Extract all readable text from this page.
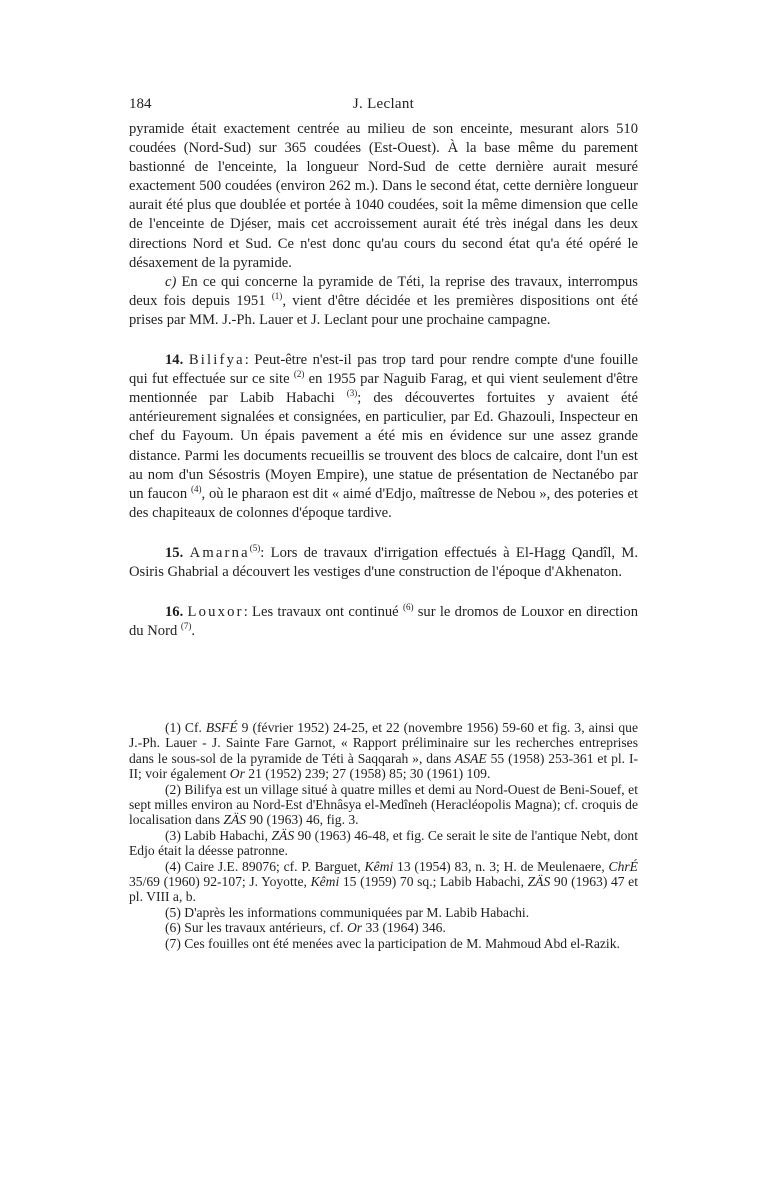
184	J. Leclant

pyramide était exactement centrée au milieu de son enceinte, mesurant alors 510 coudées (Nord-Sud) sur 365 coudées (Est-Ouest). À la base même du parement bastionné de l'enceinte, la longueur Nord-Sud de cette dernière aurait mesuré exactement 500 coudées (environ 262 m.). Dans le second état, cette dernière longueur aurait été plus que doublée et portée à 1040 coudées, soit la même dimension que celle de l'enceinte de Djéser, mais cet accroissement aurait été très inégal dans les deux directions Nord et Sud. Ce n'est donc qu'au cours du second état qu'a été opéré le désaxement de la pyramide.

c) En ce qui concerne la pyramide de Téti, la reprise des travaux, interrompus deux fois depuis 1951 $^{(1)}$, vient d'être décidée et les premières dispositions ont été prises par MM. J.-Ph. Lauer et J. Leclant pour une prochaine campagne.

14. Bilifya: Peut-être n'est-il pas trop tard pour rendre compte d'une fouille qui fut effectuée sur ce site $^{(2)}$ en 1955 par Naguib Farag, et qui vient seulement d'être mentionnée par Labib Habachi $^{(3)}$; des découvertes fortuites y avaient été antérieurement signalées et consignées, en particulier, par Ed. Ghazouli, Inspecteur en chef du Fayoum. Un épais pavement a été mis en évidence sur une assez grande distance. Parmi les documents recueillis se trouvent des blocs de calcaire, dont l'un est au nom d'un Sésostris (Moyen Empire), une statue de présentation de Nectanébo par un faucon $^{(4)}$, où le pharaon est dit « aimé d'Edjo, maîtresse de Nebou », des poteries et des chapiteaux de colonnes d'époque tardive.

15. Amarna$^{(5)}$: Lors de travaux d'irrigation effectués à El-Hagg Qandîl, M. Osiris Ghabrial a découvert les vestiges d'une construction de l'époque d'Akhenaton.

16. Louxor: Les travaux ont continué $^{(6)}$ sur le dromos de Louxor en direction du Nord $^{(7)}$.

(1) Cf. BSFÉ 9 (février 1952) 24-25, et 22 (novembre 1956) 59-60 et fig. 3, ainsi que J.-Ph. Lauer - J. Sainte Fare Garnot, « Rapport préliminaire sur les recherches entreprises dans le sous-sol de la pyramide de Téti à Saqqarah », dans ASAE 55 (1958) 253-361 et pl. I-II; voir également Or 21 (1952) 239; 27 (1958) 85; 30 (1961) 109.

(2) Bilifya est un village situé à quatre milles et demi au Nord-Ouest de Beni-Souef, et sept milles environ au Nord-Est d'Ehnâsya el-Medîneh (Heracléopolis Magna); cf. croquis de localisation dans ZÄS 90 (1963) 46, fig. 3.

(3) Labib Habachi, ZÄS 90 (1963) 46-48, et fig. Ce serait le site de l'antique Nebt, dont Edjo était la déesse patronne.

(4) Caire J.E. 89076; cf. P. Barguet, Kêmi 13 (1954) 83, n. 3; H. de Meulenaere, ChrÉ 35/69 (1960) 92-107; J. Yoyotte, Kêmi 15 (1959) 70 sq.; Labib Habachi, ZÄS 90 (1963) 47 et pl. VIII a, b.

(5) D'après les informations communiquées par M. Labib Habachi.

(6) Sur les travaux antérieurs, cf. Or 33 (1964) 346.

(7) Ces fouilles ont été menées avec la participation de M. Mahmoud Abd el-Razik.
